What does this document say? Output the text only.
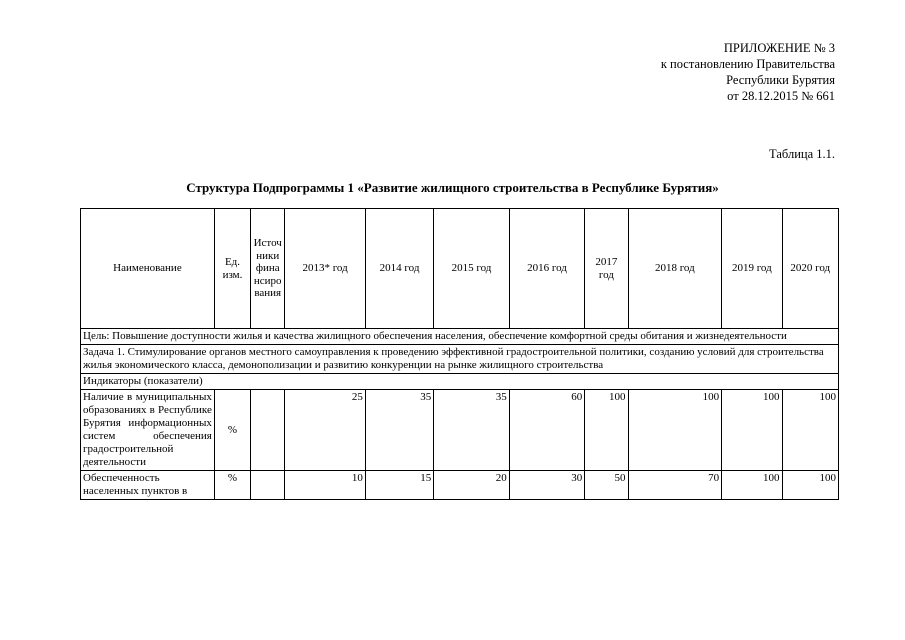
ПРИЛОЖЕНИЕ № 3
к постановлению Правительства
Республики Бурятия
от 28.12.2015 № 661
Таблица 1.1.
Структура Подпрограммы 1 «Развитие жилищного строительства в Республике Бурятия»
Наименование	Ед. изм.	Источники финансирования	2013* год	2014 год	2015 год	2016 год	2017 год	2018 год	2019 год	2020 год
Цель: Повышение доступности жилья и качества жилищного обеспечения населения, обеспечение комфортной среды обитания и жизнедеятельности										
Задача 1. Стимулирование органов местного самоуправления к проведению эффективной градостроительной политики, созданию условий для строительства жилья экономического класса, демонополизации и развитию конкуренции на рынке жилищного строительства										
Индикаторы (показатели)										
Наличие в муниципальных образованиях в Республике Бурятия информационных систем обеспечения градостроительной деятельности	%		25	35	35	60	100	100	100	100
Обеспеченность населенных пунктов в	%		10	15	20	30	50	70	100	100
